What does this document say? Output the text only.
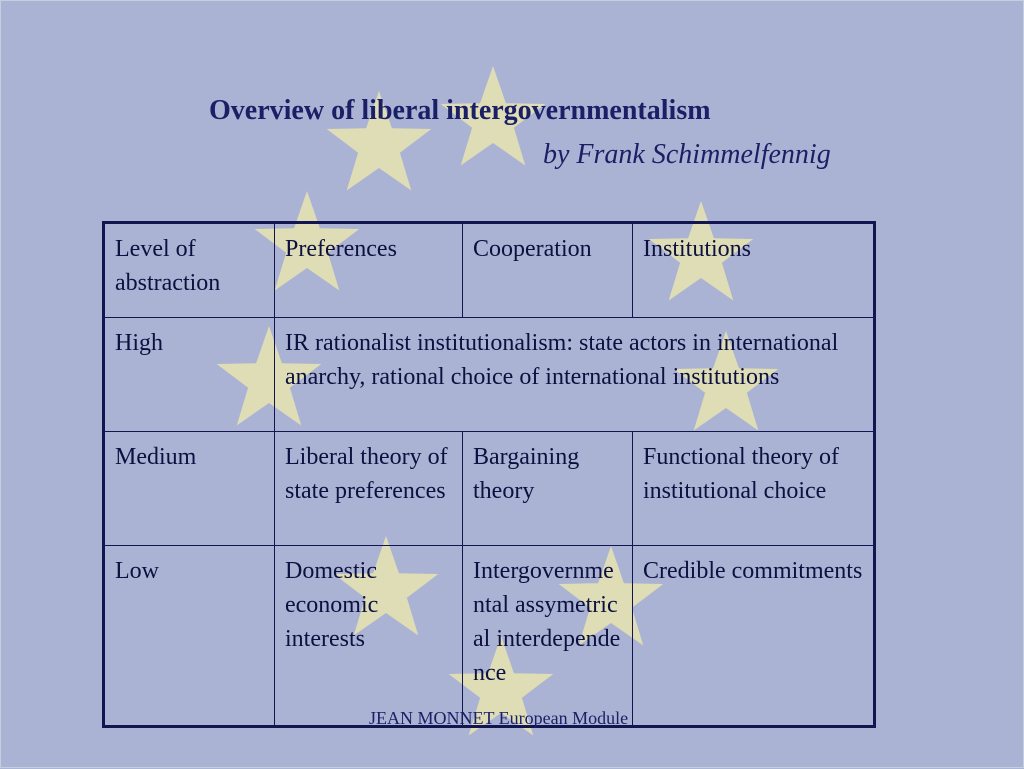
Overview of liberal intergovernmentalism
by Frank Schimmelfennig
Level of abstraction	Preferences	Cooperation	Institutions
High	IR rationalist institutionalism: state actors in international anarchy, rational choice of international institutions		
Medium	Liberal theory of state preferences	Bargaining theory	Functional theory of institutional choice
Low	Domestic economic interests	Intergovernmental assymetrical interdependence	Credible commitments
JEAN MONNET European Module
